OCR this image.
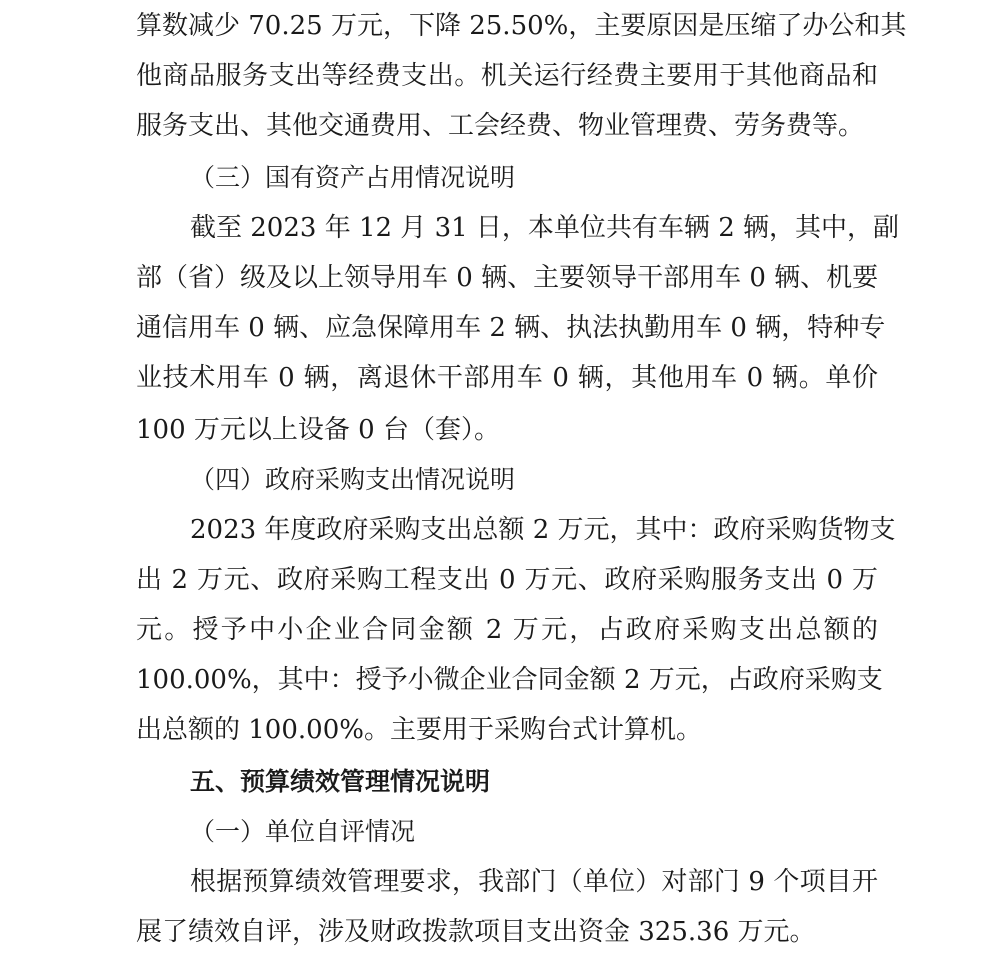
算数减少 70.25 万元，下降 25.50%，主要原因是压缩了办公和其
他商品服务支出等经费支出。机关运行经费主要用于其他商品和
服务支出、其他交通费用、工会经费、物业管理费、劳务费等。
（三）国有资产占用情况说明
截至 2023 年 12 月 31 日，本单位共有车辆 2 辆，其中，副
部（省）级及以上领导用车 0 辆、主要领导干部用车 0 辆、机要
通信用车 0 辆、应急保障用车 2 辆、执法执勤用车 0 辆，特种专
业技术用车 0 辆，离退休干部用车 0 辆，其他用车 0 辆。单价
100 万元以上设备 0 台（套）。
（四）政府采购支出情况说明
2023 年度政府采购支出总额 2 万元，其中：政府采购货物支
出 2 万元、政府采购工程支出 0 万元、政府采购服务支出 0 万
元。授予中小企业合同金额 2 万元，占政府采购支出总额的
100.00%，其中：授予小微企业合同金额 2 万元，占政府采购支
出总额的 100.00%。主要用于采购台式计算机。
五、预算绩效管理情况说明
（一）单位自评情况
根据预算绩效管理要求，我部门（单位）对部门 9 个项目开
展了绩效自评，涉及财政拨款项目支出资金 325.36 万元。
